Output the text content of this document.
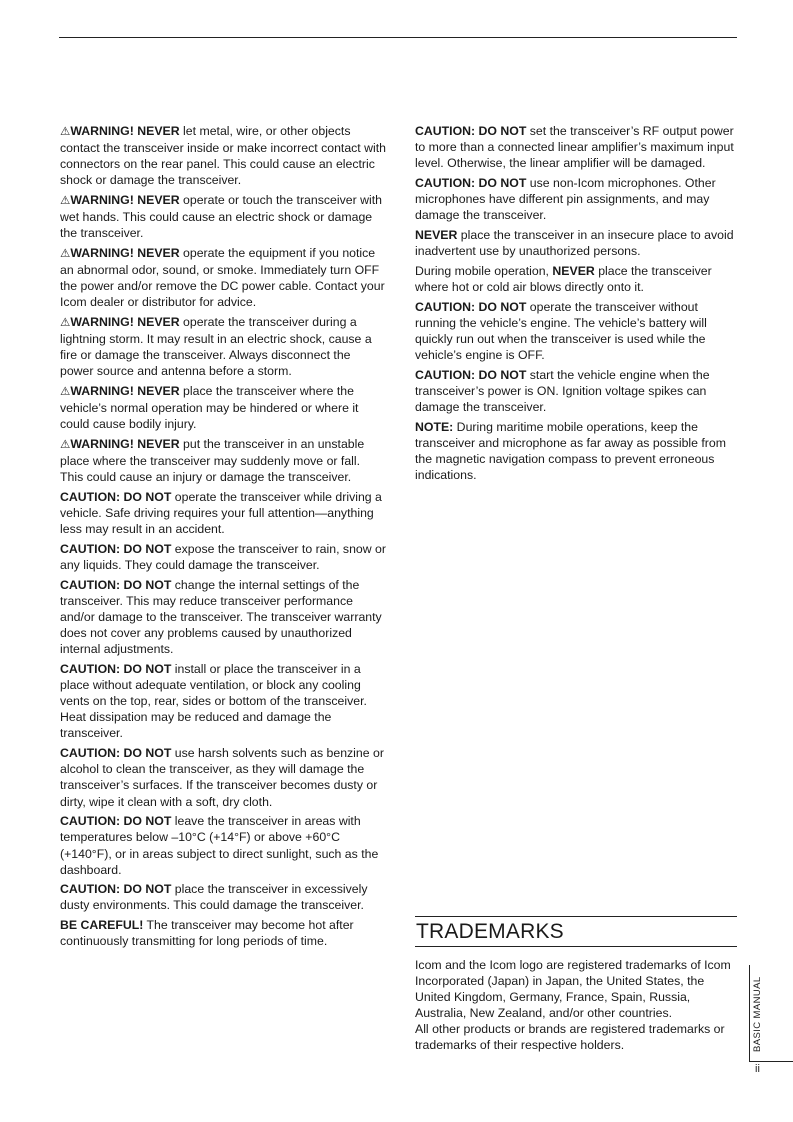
⚠WARNING! NEVER let metal, wire, or other objects contact the transceiver inside or make incorrect contact with connectors on the rear panel. This could cause an electric shock or damage the transceiver.

⚠WARNING! NEVER operate or touch the transceiver with wet hands. This could cause an electric shock or damage the transceiver.

⚠WARNING! NEVER operate the equipment if you notice an abnormal odor, sound, or smoke. Immediately turn OFF the power and/or remove the DC power cable. Contact your Icom dealer or distributor for advice.

⚠WARNING! NEVER operate the transceiver during a lightning storm. It may result in an electric shock, cause a fire or damage the transceiver. Always disconnect the power source and antenna before a storm.

⚠WARNING! NEVER place the transceiver where the vehicle’s normal operation may be hindered or where it could cause bodily injury.

⚠WARNING! NEVER put the transceiver in an unstable place where the transceiver may suddenly move or fall. This could cause an injury or damage the transceiver.

CAUTION: DO NOT operate the transceiver while driving a vehicle. Safe driving requires your full attention—anything less may result in an accident.

CAUTION: DO NOT expose the transceiver to rain, snow or any liquids. They could damage the transceiver.

CAUTION: DO NOT change the internal settings of the transceiver. This may reduce transceiver performance and/or damage to the transceiver. The transceiver warranty does not cover any problems caused by unauthorized internal adjustments.

CAUTION: DO NOT install or place the transceiver in a place without adequate ventilation, or block any cooling vents on the top, rear, sides or bottom of the transceiver. Heat dissipation may be reduced and damage the transceiver.

CAUTION: DO NOT use harsh solvents such as benzine or alcohol to clean the transceiver, as they will damage the transceiver’s surfaces. If the transceiver becomes dusty or dirty, wipe it clean with a soft, dry cloth.

CAUTION: DO NOT leave the transceiver in areas with temperatures below –10°C (+14°F) or above +60°C (+140°F), or in areas subject to direct sunlight, such as the dashboard.

CAUTION: DO NOT place the transceiver in excessively dusty environments. This could damage the transceiver.

BE CAREFUL! The transceiver may become hot after continuously transmitting for long periods of time.

CAUTION: DO NOT set the transceiver’s RF output power to more than a connected linear amplifier’s maximum input level. Otherwise, the linear amplifier will be damaged.

CAUTION: DO NOT use non-Icom microphones. Other microphones have different pin assignments, and may damage the transceiver.

NEVER place the transceiver in an insecure place to avoid inadvertent use by unauthorized persons.

During mobile operation, NEVER place the transceiver where hot or cold air blows directly onto it.

CAUTION: DO NOT operate the transceiver without running the vehicle’s engine. The vehicle’s battery will quickly run out when the transceiver is used while the vehicle’s engine is OFF.

CAUTION: DO NOT start the vehicle engine when the transceiver’s power is ON. Ignition voltage spikes can damage the transceiver.

NOTE: During maritime mobile operations, keep the transceiver and microphone as far away as possible from the magnetic navigation compass to prevent erroneous indications.

TRADEMARKS

Icom and the Icom logo are registered trademarks of Icom Incorporated (Japan) in Japan, the United States, the United Kingdom, Germany, France, Spain, Russia, Australia, New Zealand, and/or other countries.

All other products or brands are registered trademarks or trademarks of their respective holders.	BASIC MANUAL
ii
